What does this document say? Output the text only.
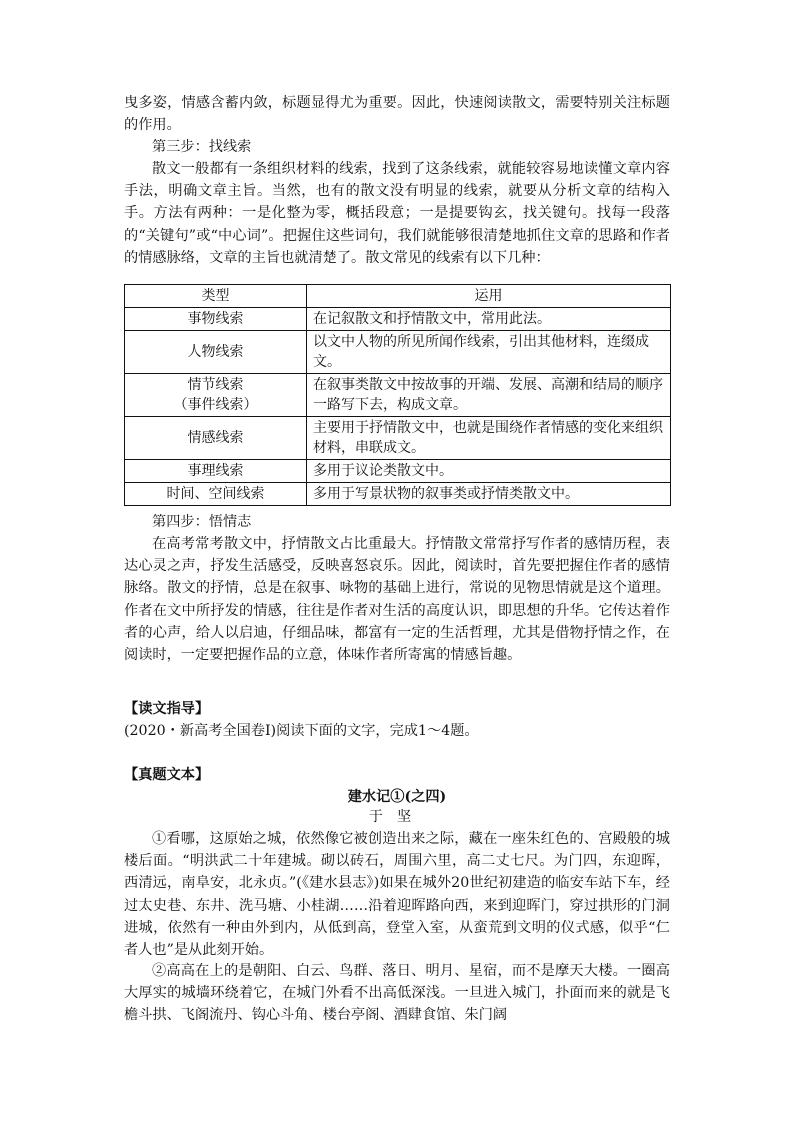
曳多姿，情感含蓄内敛，标题显得尤为重要。因此，快速阅读散文，需要特别关注标题的作用。

第三步：找线索

散文一般都有一条组织材料的线索，找到了这条线索，就能较容易地读懂文章内容手法，明确文章主旨。当然，也有的散文没有明显的线索，就要从分析文章的结构入手。方法有两种：一是化整为零，概括段意；一是提要钩玄，找关键句。找每一段落的“关键句”或“中心词”。把握住这些词句，我们就能够很清楚地抓住文章的思路和作者的情感脉络，文章的主旨也就清楚了。散文常见的线索有以下几种：

类型	运用
事物线索	在记叙散文和抒情散文中，常用此法。
人物线索	以文中人物的所见所闻作线索，引出其他材料，连缀成文。
情节线索
（事件线索）	在叙事类散文中按故事的开端、发展、高潮和结局的顺序一路写下去，构成文章。
情感线索	主要用于抒情散文中，也就是围绕作者情感的变化来组织材料，串联成文。
事理线索	多用于议论类散文中。
时间、空间线索	多用于写景状物的叙事类或抒情类散文中。

第四步：悟情志

在高考常考散文中，抒情散文占比重最大。抒情散文常常抒写作者的感情历程，表达心灵之声，抒发生活感受，反映喜怒哀乐。因此，阅读时，首先要把握住作者的感情脉络。散文的抒情，总是在叙事、咏物的基础上进行，常说的见物思情就是这个道理。作者在文中所抒发的情感，往往是作者对生活的高度认识，即思想的升华。它传达着作者的心声，给人以启迪，仔细品味，都富有一定的生活哲理，尤其是借物抒情之作，在阅读时，一定要把握作品的立意，体味作者所寄寓的情感旨趣。

【读文指导】

(2020・新高考全国卷Ⅰ)阅读下面的文字，完成1～4题。

【真题文本】

建水记①(之四)

于坚

①看哪，这原始之城，依然像它被创造出来之际，藏在一座朱红色的、宫殿般的城楼后面。“明洪武二十年建城。砌以砖石，周围六里，高二丈七尺。为门四，东迎晖，西清远，南阜安，北永贞。”(《建水县志》)如果在城外20世纪初建造的临安车站下车，经过太史巷、东井、洗马塘、小桂湖……沿着迎晖路向西，来到迎晖门，穿过拱形的门洞进城，依然有一种由外到内，从低到高，登堂入室，从蛮荒到文明的仪式感，似乎“仁者人也”是从此刻开始。

②高高在上的是朝阳、白云、鸟群、落日、明月、星宿，而不是摩天大楼。一圈高大厚实的城墙环绕着它，在城门外看不出高低深浅。一旦进入城门，扑面而来的就是飞檐斗拱、飞阁流丹、钩心斗角、楼台亭阁、酒肆食馆、朱门阔
